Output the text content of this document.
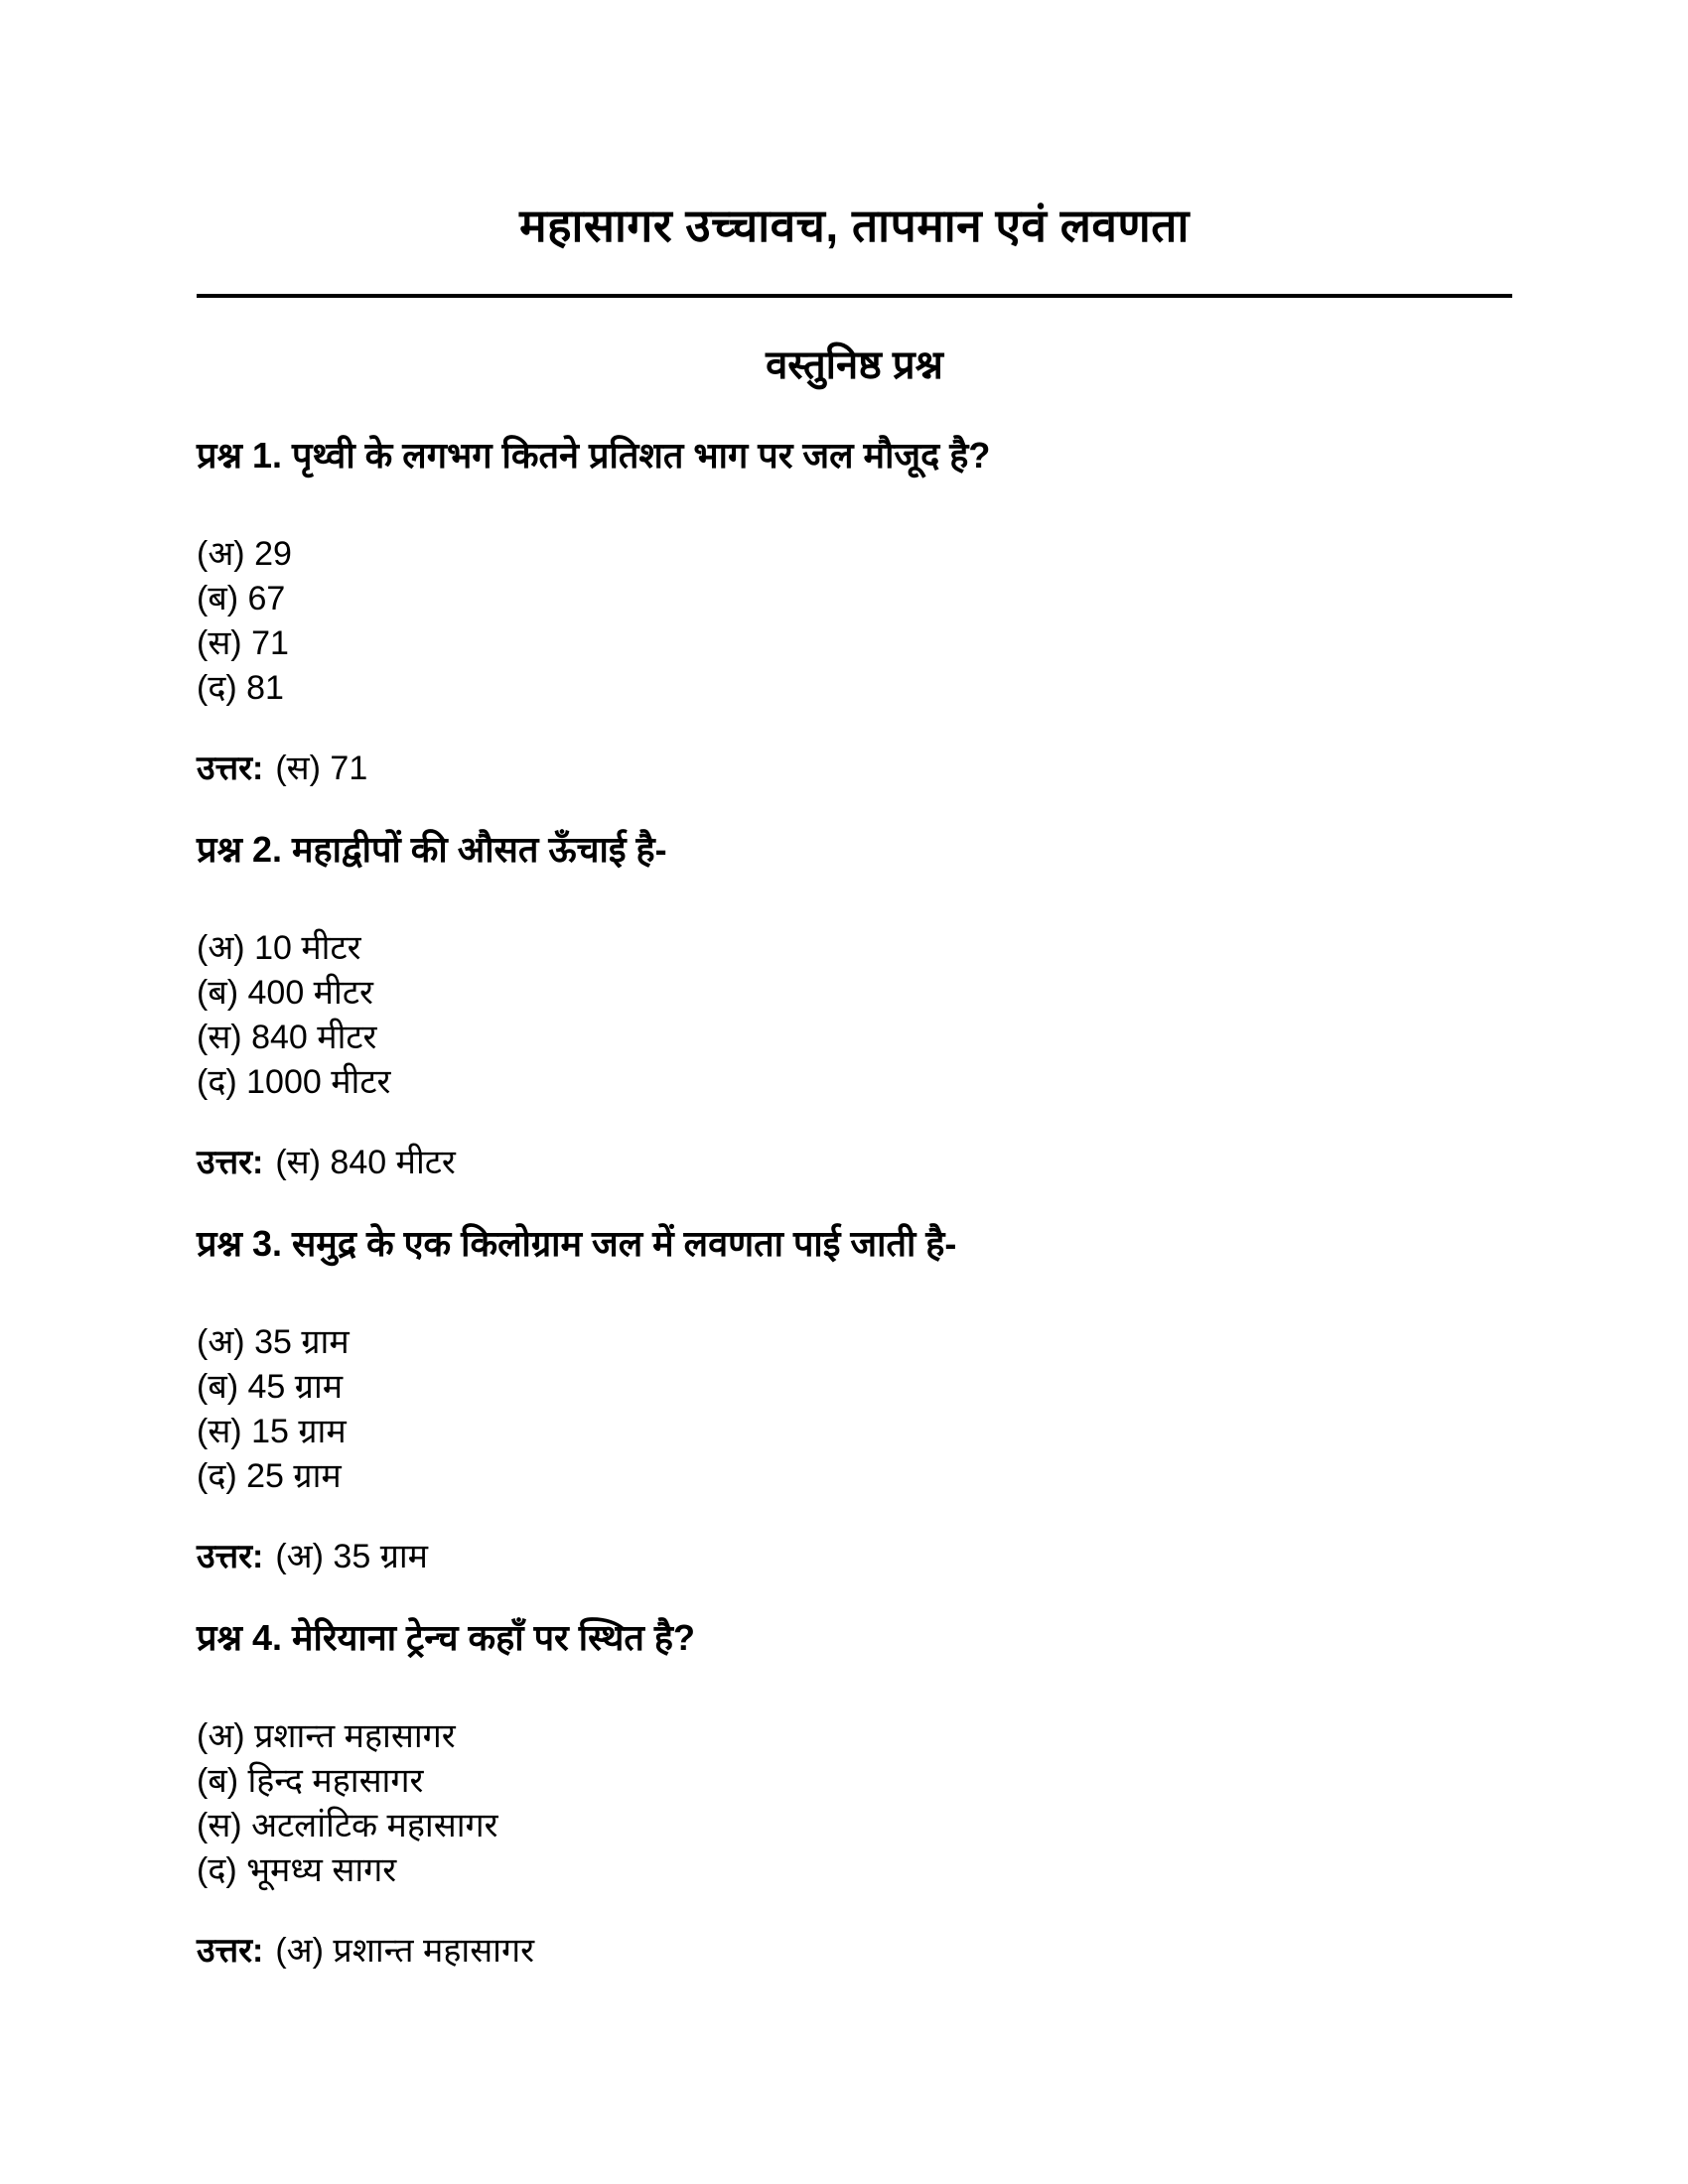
महासागर उच्चावच, तापमान एवं लवणता
वस्तुनिष्ठ प्रश्न

प्रश्न 1. पृथ्वी के लगभग कितने प्रतिशत भाग पर जल मौजूद है?

(अ) 29
(ब) 67
(स) 71
(द) 81

उत्तर: (स) 71

प्रश्न 2. महाद्वीपों की औसत ऊँचाई है-

(अ) 10 मीटर
(ब) 400 मीटर
(स) 840 मीटर
(द) 1000 मीटर

उत्तर: (स) 840 मीटर

प्रश्न 3. समुद्र के एक किलोग्राम जल में लवणता पाई जाती है-

(अ) 35 ग्राम
(ब) 45 ग्राम
(स) 15 ग्राम
(द) 25 ग्राम

उत्तर: (अ) 35 ग्राम

प्रश्न 4. मेरियाना ट्रेन्च कहाँ पर स्थित है?

(अ) प्रशान्त महासागर
(ब) हिन्द महासागर
(स) अटलांटिक महासागर
(द) भूमध्य सागर

उत्तर: (अ) प्रशान्त महासागर
